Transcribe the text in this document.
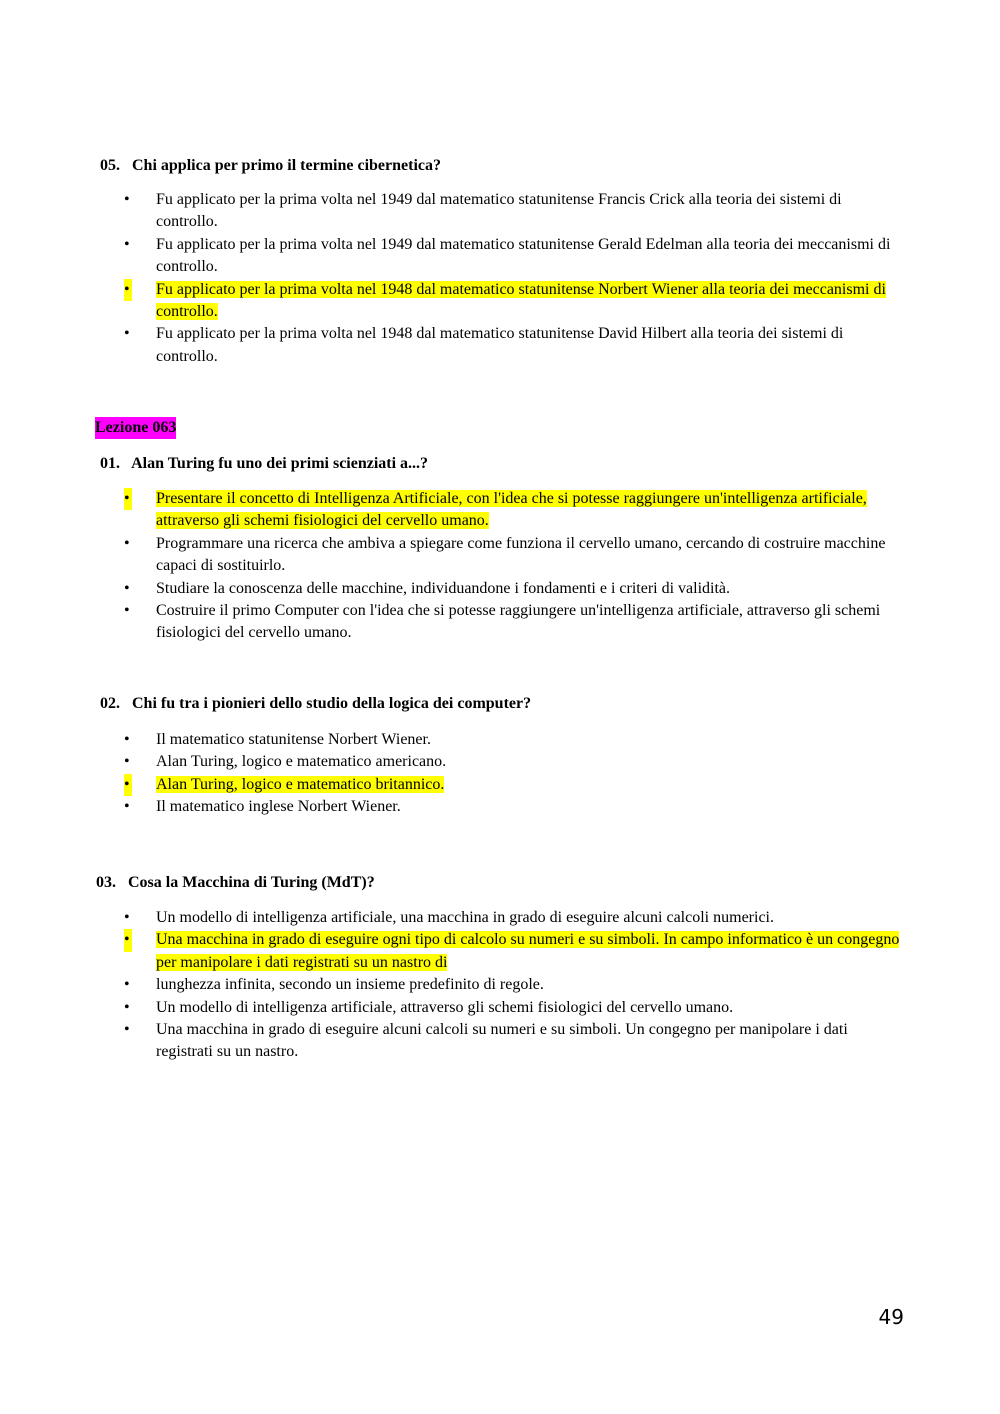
05.   Chi applica per primo il termine cibernetica?
• Fu applicato per la prima volta nel 1949 dal matematico statunitense Francis Crick alla teoria dei sistemi di controllo.
• Fu applicato per la prima volta nel 1949 dal matematico statunitense Gerald Edelman alla teoria dei meccanismi di controllo.
• Fu applicato per la prima volta nel 1948 dal matematico statunitense Norbert Wiener alla teoria dei meccanismi di controllo.
• Fu applicato per la prima volta nel 1948 dal matematico statunitense David Hilbert alla teoria dei sistemi di controllo.
Lezione 063
01.   Alan Turing fu uno dei primi scienziati a...?
• Presentare il concetto di Intelligenza Artificiale, con l'idea che si potesse raggiungere un'intelligenza artificiale, attraverso gli schemi fisiologici del cervello umano.
• Programmare una ricerca che ambiva a spiegare come funziona il cervello umano, cercando di costruire macchine capaci di sostituirlo.
• Studiare la conoscenza delle macchine, individuandone i fondamenti e i criteri di validità.
• Costruire il primo Computer con l'idea che si potesse raggiungere un'intelligenza artificiale, attraverso gli schemi fisiologici del cervello umano.
02.   Chi fu tra i pionieri dello studio della logica dei computer?
• Il matematico statunitense Norbert Wiener.
• Alan Turing, logico e matematico americano.
• Alan Turing, logico e matematico britannico.
• Il matematico inglese Norbert Wiener.
03.   Cosa la Macchina di Turing (MdT)?
• Un modello di intelligenza artificiale, una macchina in grado di eseguire alcuni calcoli numerici.
• Una macchina in grado di eseguire ogni tipo di calcolo su numeri e su simboli. In campo informatico è un congegno per manipolare i dati registrati su un nastro di
• lunghezza infinita, secondo un insieme predefinito di regole.
• Un modello di intelligenza artificiale, attraverso gli schemi fisiologici del cervello umano.
• Una macchina in grado di eseguire alcuni calcoli su numeri e su simboli. Un congegno per manipolare i dati registrati su un nastro.
49
